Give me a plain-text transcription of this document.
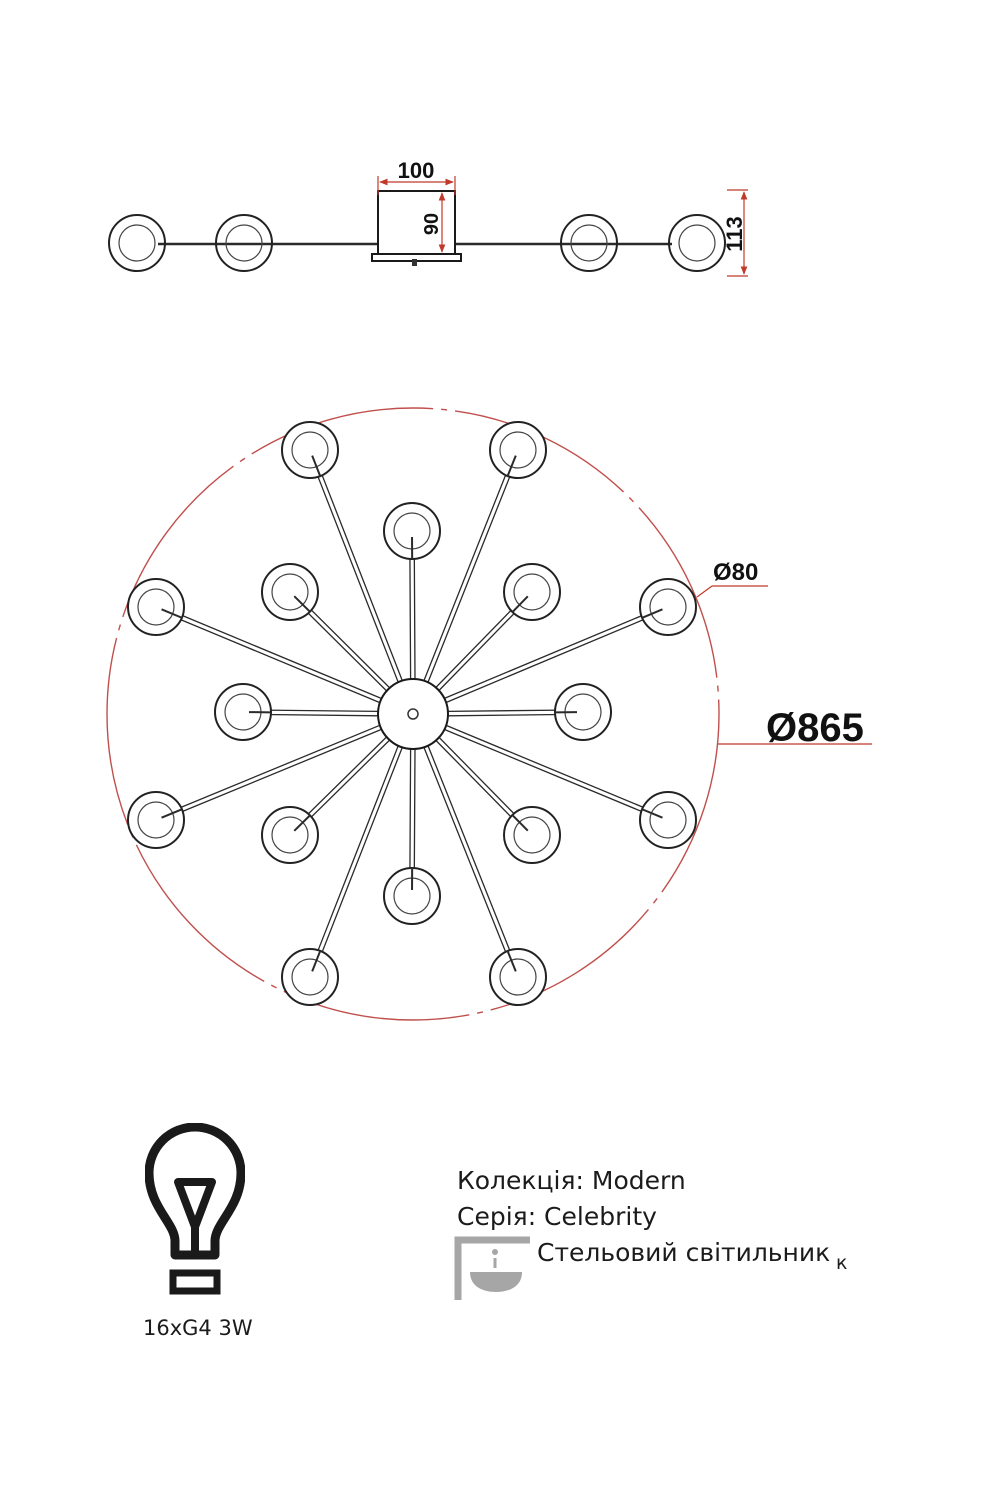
100
90	113
Ø80
Ø865
16xG4 3W
Колекція: Modern
Серія: Celebrity
Стельовий світильник к
